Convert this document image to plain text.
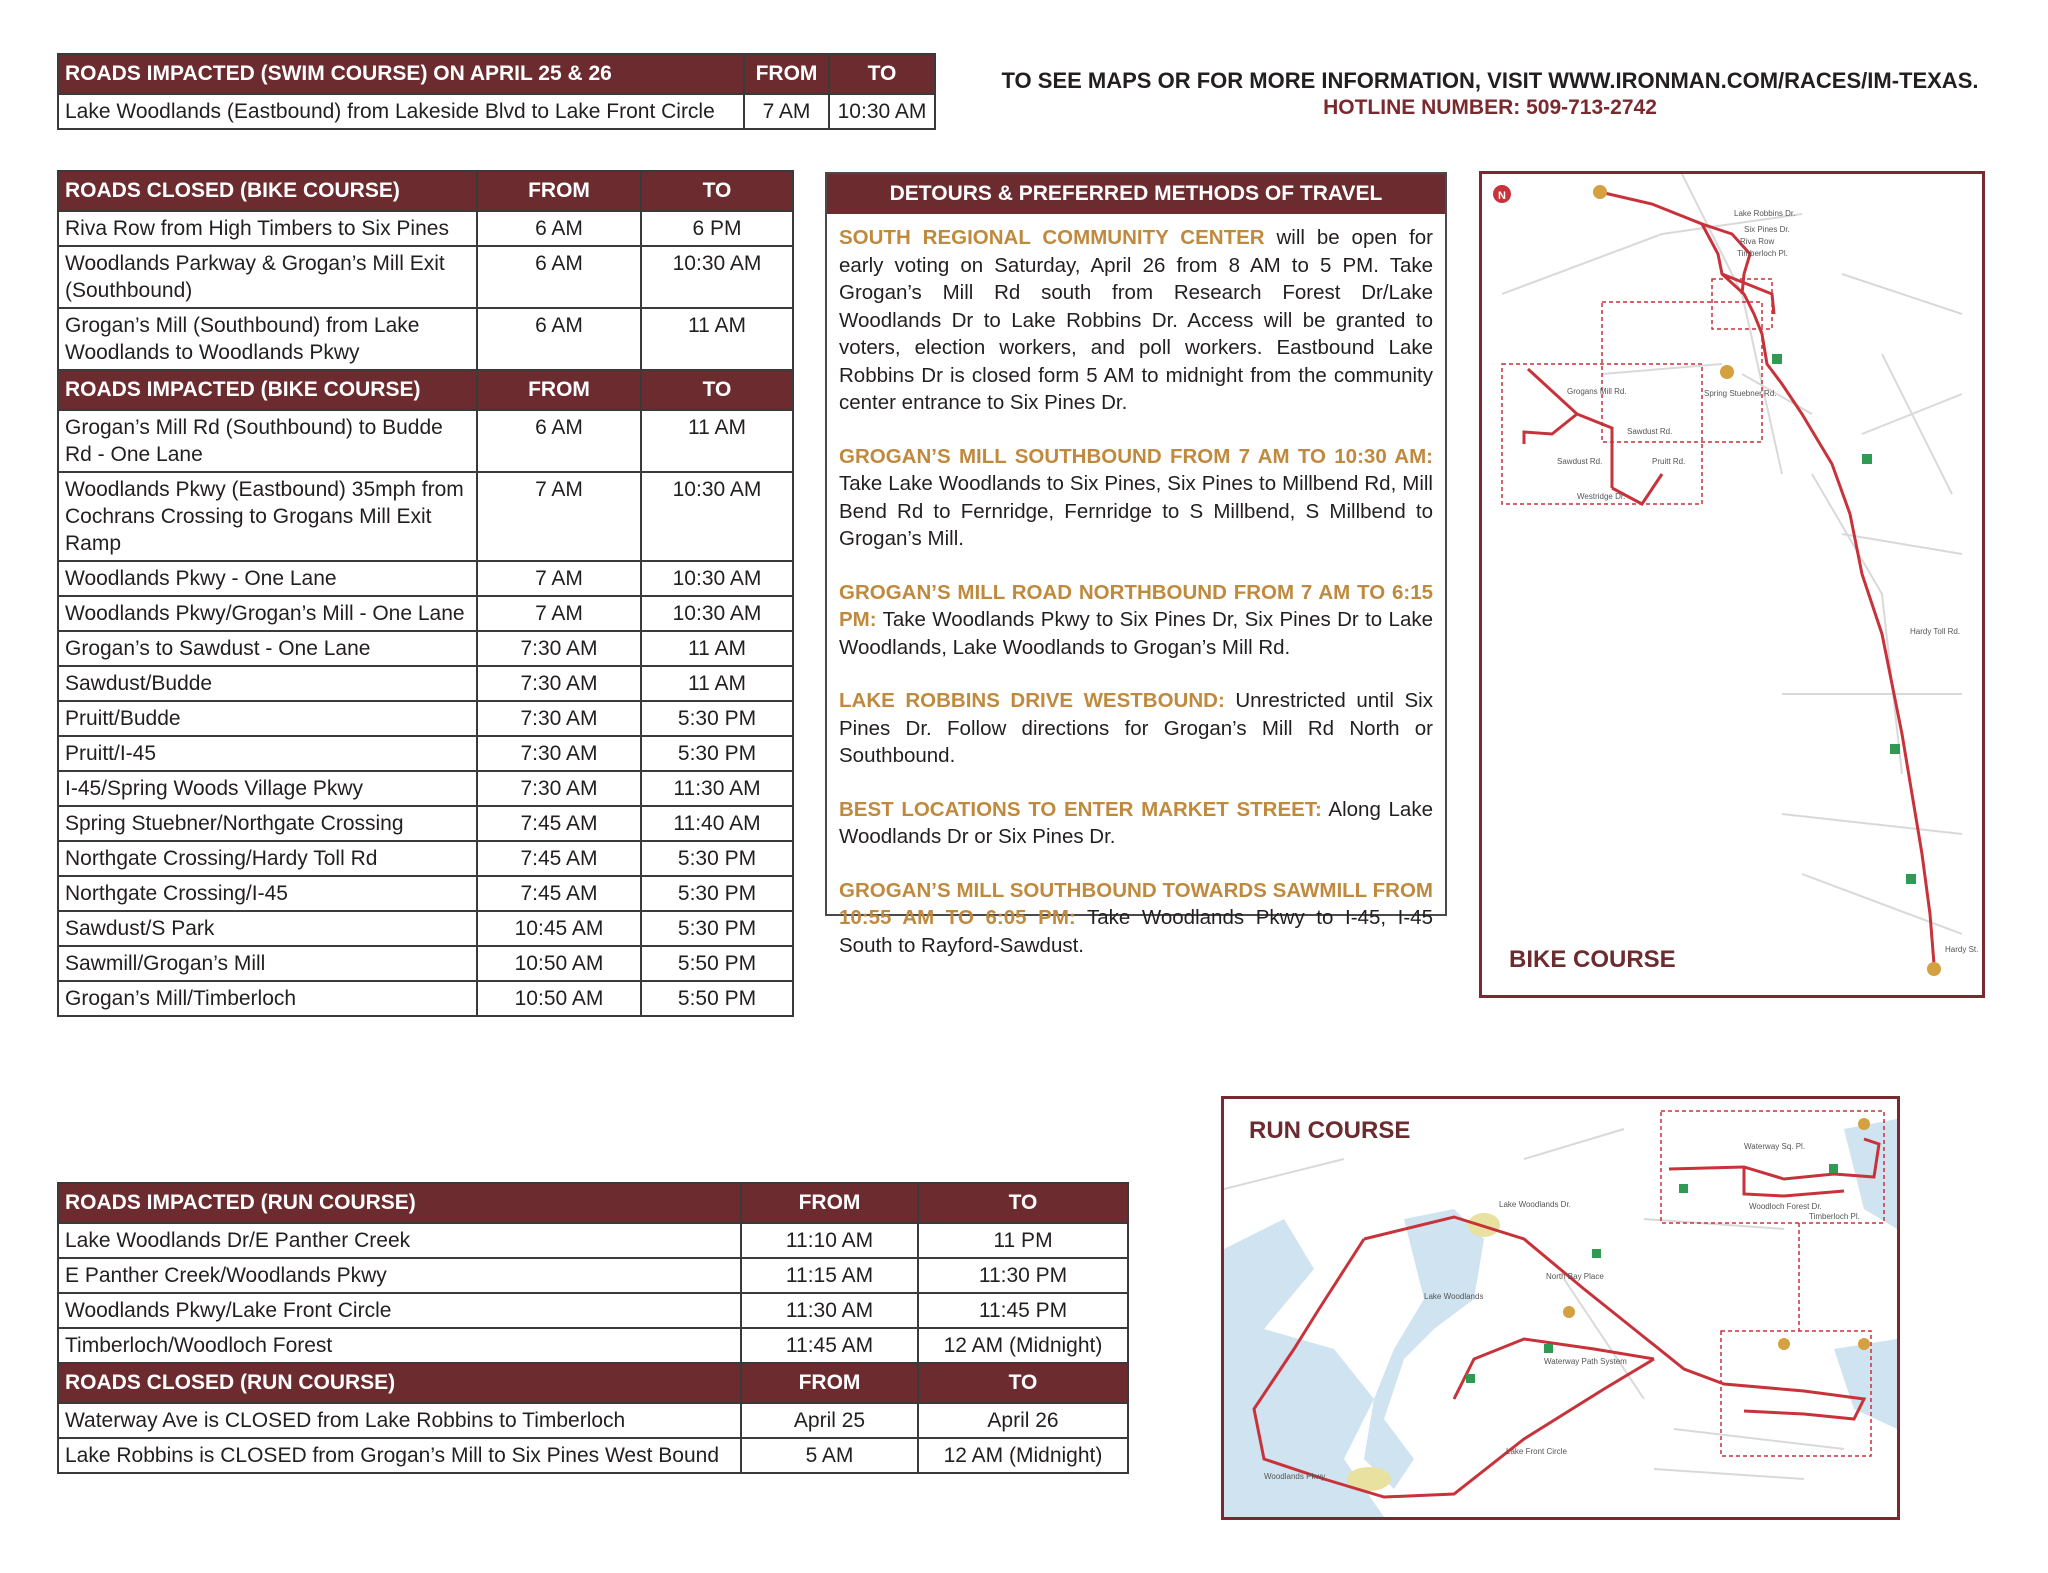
TO SEE MAPS OR FOR MORE INFORMATION, VISIT WWW.IRONMAN.COM/RACES/IM-TEXAS.
HOTLINE NUMBER: 509-713-2742
ROADS IMPACTED (SWIM COURSE) ON APRIL 25 & 26	FROM	TO
Lake Woodlands (Eastbound) from Lakeside Blvd to Lake Front Circle	7 AM	10:30 AM
ROADS CLOSED (BIKE COURSE)	FROM	TO
Riva Row from High Timbers to Six Pines	6 AM	6 PM
Woodlands Parkway & Grogan’s Mill Exit (Southbound)	6 AM	10:30 AM
Grogan’s Mill (Southbound) from Lake Woodlands to Woodlands Pkwy	6 AM	11 AM
ROADS IMPACTED (BIKE COURSE)	FROM	TO
Grogan’s Mill Rd (Southbound) to Budde Rd - One Lane	6 AM	11 AM
Woodlands Pkwy (Eastbound) 35mph from Cochrans Crossing to Grogans Mill Exit Ramp	7 AM	10:30 AM
Woodlands Pkwy - One Lane	7 AM	10:30 AM
Woodlands Pkwy/Grogan’s Mill - One Lane	7 AM	10:30 AM
Grogan’s to Sawdust - One Lane	7:30 AM	11 AM
Sawdust/Budde	7:30 AM	11 AM
Pruitt/Budde	7:30 AM	5:30 PM
Pruitt/I-45	7:30 AM	5:30 PM
I-45/Spring Woods Village Pkwy	7:30 AM	11:30 AM
Spring Stuebner/Northgate Crossing	7:45 AM	11:40 AM
Northgate Crossing/Hardy Toll Rd	7:45 AM	5:30 PM
Northgate Crossing/I-45	7:45 AM	5:30 PM
Sawdust/S Park	10:45 AM	5:30 PM
Sawmill/Grogan’s Mill	10:50 AM	5:50 PM
Grogan’s Mill/Timberloch	10:50 AM	5:50 PM
ROADS IMPACTED (RUN COURSE)	FROM	TO
Lake Woodlands Dr/E Panther Creek	11:10 AM	11 PM
E Panther Creek/Woodlands Pkwy	11:15 AM	11:30 PM
Woodlands Pkwy/Lake Front Circle	11:30 AM	11:45 PM
Timberloch/Woodloch Forest	11:45 AM	12 AM (Midnight)
ROADS CLOSED (RUN COURSE)	FROM	TO
Waterway Ave is CLOSED from Lake Robbins to Timberloch	April 25	April 26
Lake Robbins is CLOSED from Grogan’s Mill to Six Pines West Bound	5 AM	12 AM (Midnight)
DETOURS & PREFERRED METHODS OF TRAVEL

SOUTH REGIONAL COMMUNITY CENTER will be open for early voting on Saturday, April 26 from 8 AM to 5 PM. Take Grogan’s Mill Rd south from Research Forest Dr/Lake Woodlands Dr to Lake Robbins Dr. Access will be granted to voters, election workers, and poll workers. Eastbound Lake Robbins Dr is closed form 5 AM to midnight from the community center entrance to Six Pines Dr.

GROGAN’S MILL SOUTHBOUND FROM 7 AM TO 10:30 AM: Take Lake Woodlands to Six Pines, Six Pines to Millbend Rd, Mill Bend Rd to Fernridge, Fernridge to S Millbend, S Millbend to Grogan’s Mill.

GROGAN’S MILL ROAD NORTHBOUND FROM 7 AM TO 6:15 PM: Take Woodlands Pkwy to Six Pines Dr, Six Pines Dr to Lake Woodlands, Lake Woodlands to Grogan’s Mill Rd.

LAKE ROBBINS DRIVE WESTBOUND: Unrestricted until Six Pines Dr. Follow directions for Grogan’s Mill Rd North or Southbound.

BEST LOCATIONS TO ENTER MARKET STREET: Along Lake Woodlands Dr or Six Pines Dr.

GROGAN’S MILL SOUTHBOUND TOWARDS SAWMILL FROM 10:55 AM TO 6:05 PM: Take Woodlands Pkwy to I-45, I-45 South to Rayford-Sawdust.

N
Lake Robbins Dr.
Six Pines Dr.
Riva Row
Timberloch Pl.
Grogans Mill Rd.
Sawdust Rd.
Sawdust Rd.	Pruitt Rd.
Westridge Dr.
Spring Stuebner Rd.
Hardy Toll Rd.
Hardy St.
BIKE COURSE
Lake Woodlands Dr.
Woodlands Pkwy
Lake Front Circle
North Bay Place
Waterway Path System
Waterway Sq. Pl.
Woodloch Forest Dr.
Timberloch Pl.
Lake Woodlands
RUN COURSE
